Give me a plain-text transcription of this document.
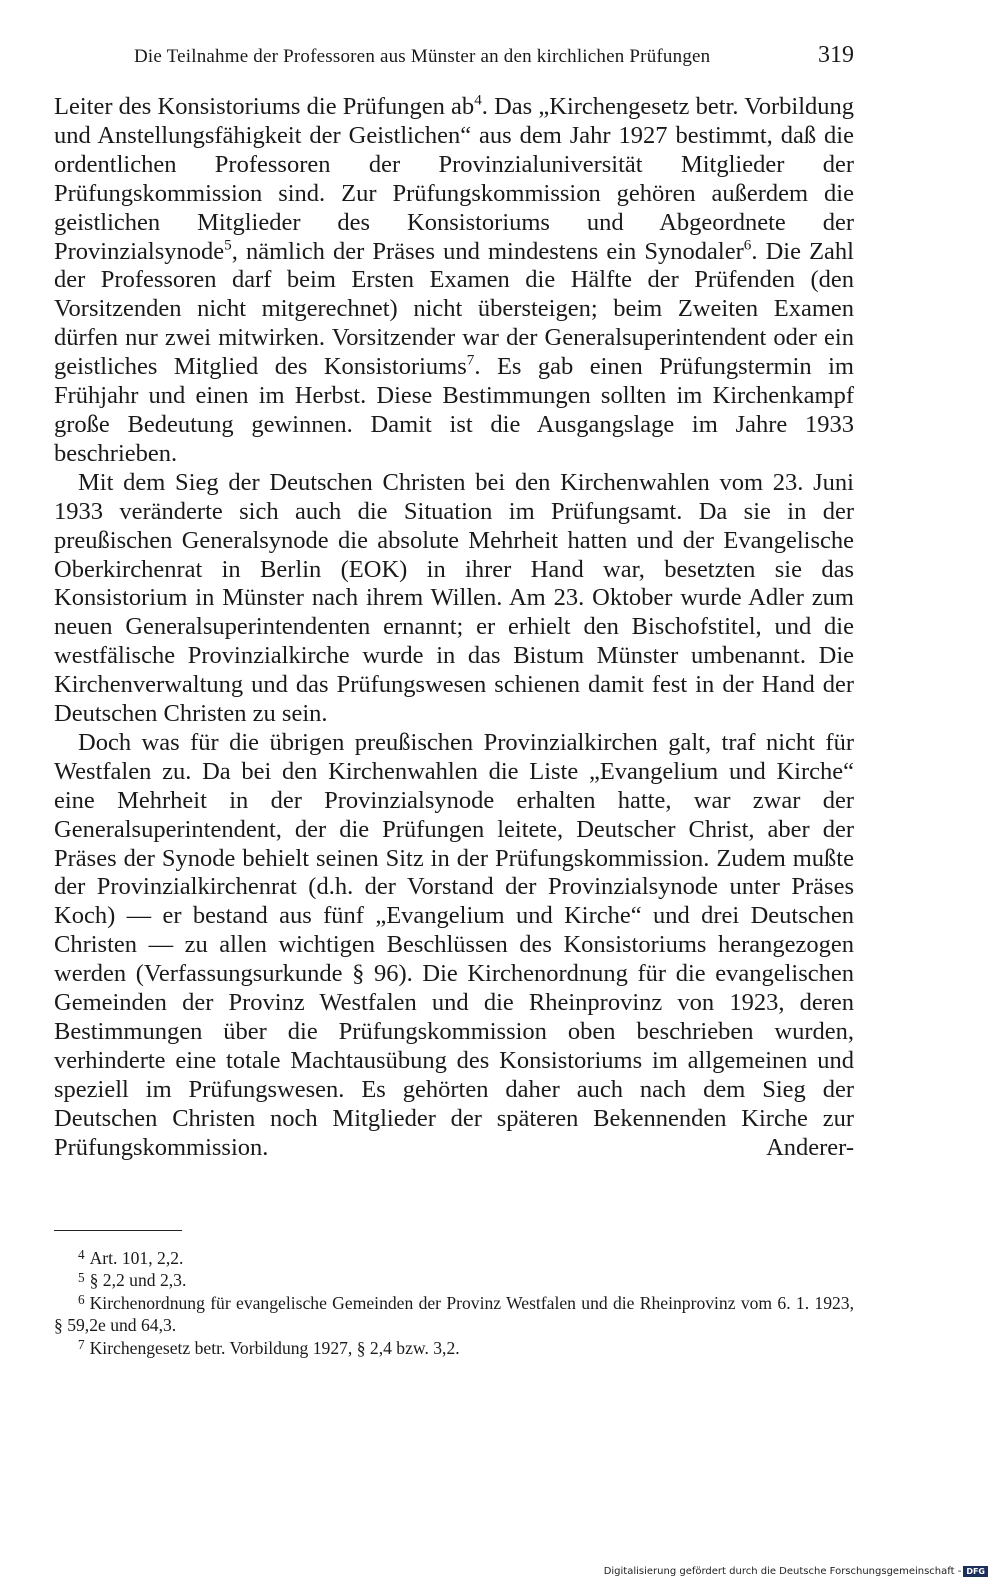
Die Teilnahme der Professoren aus Münster an den kirchlichen Prüfungen	319

Leiter des Konsistoriums die Prüfungen $ab^4$. Das „Kirchengesetz betr. Vorbildung und Anstellungsfähigkeit der Geistlichen“ aus dem Jahr 1927 bestimmt, daß die ordentlichen Professoren der Provinzialuniversität Mitglieder der Prüfungskommission sind. Zur Prüfungskommission gehören außerdem die geistlichen Mitglieder des Konsistoriums und Abgeordnete der Provinzialsynode$^5$, nämlich der Präses und mindestens ein Synodaler$^6$. Die Zahl der Professoren darf beim Ersten Examen die Hälfte der Prüfenden (den Vorsitzenden nicht mitgerechnet) nicht übersteigen; beim Zweiten Examen dürfen nur zwei mitwirken. Vorsitzender war der Generalsuperintendent oder ein geistliches Mitglied des Konsistoriums$^7$. Es gab einen Prüfungstermin im Frühjahr und einen im Herbst. Diese Bestimmungen sollten im Kirchenkampf große Bedeutung gewinnen. Damit ist die Ausgangslage im Jahre 1933 beschrieben.

Mit dem Sieg der Deutschen Christen bei den Kirchenwahlen vom 23. Juni 1933 veränderte sich auch die Situation im Prüfungsamt. Da sie in der preußischen Generalsynode die absolute Mehrheit hatten und der Evangelische Oberkirchenrat in Berlin (EOK) in ihrer Hand war, besetzten sie das Konsistorium in Münster nach ihrem Willen. Am 23. Oktober wurde Adler zum neuen Generalsuperintendenten ernannt; er erhielt den Bischofstitel, und die westfälische Provinzialkirche wurde in das Bistum Münster umbenannt. Die Kirchenverwaltung und das Prüfungswesen schienen damit fest in der Hand der Deutschen Christen zu sein.

Doch was für die übrigen preußischen Provinzialkirchen galt, traf nicht für Westfalen zu. Da bei den Kirchenwahlen die Liste „Evangelium und Kirche“ eine Mehrheit in der Provinzialsynode erhalten hatte, war zwar der Generalsuperintendent, der die Prüfungen leitete, Deutscher Christ, aber der Präses der Synode behielt seinen Sitz in der Prüfungskommission. Zudem mußte der Provinzialkirchenrat (d.h. der Vorstand der Provinzialsynode unter Präses Koch) — er bestand aus fünf „Evangelium und Kirche“ und drei Deutschen Christen — zu allen wichtigen Beschlüssen des Konsistoriums herangezogen werden (Verfassungsurkunde § 96). Die Kirchenordnung für die evangelischen Gemeinden der Provinz Westfalen und die Rheinprovinz von 1923, deren Bestimmungen über die Prüfungskommission oben beschrieben wurden, verhinderte eine totale Machtausübung des Konsistoriums im allgemeinen und speziell im Prüfungswesen. Es gehörten daher auch nach dem Sieg der Deutschen Christen noch Mitglieder der späteren Bekennenden Kirche zur Prüfungskommission. Anderer-

$^4$ Art. 101, 2,2.

$^5$ § 2,2 und 2,3.

$^6$ Kirchenordnung für evangelische Gemeinden der Provinz Westfalen und die Rheinprovinz vom 6. 1. 1923, § 59,2e und 64,3.

$^7$ Kirchengesetz betr. Vorbildung 1927, § 2,4 bzw. 3,2.

Digitalisierung gefördert durch die Deutsche Forschungsgemeinschaft - DFG
